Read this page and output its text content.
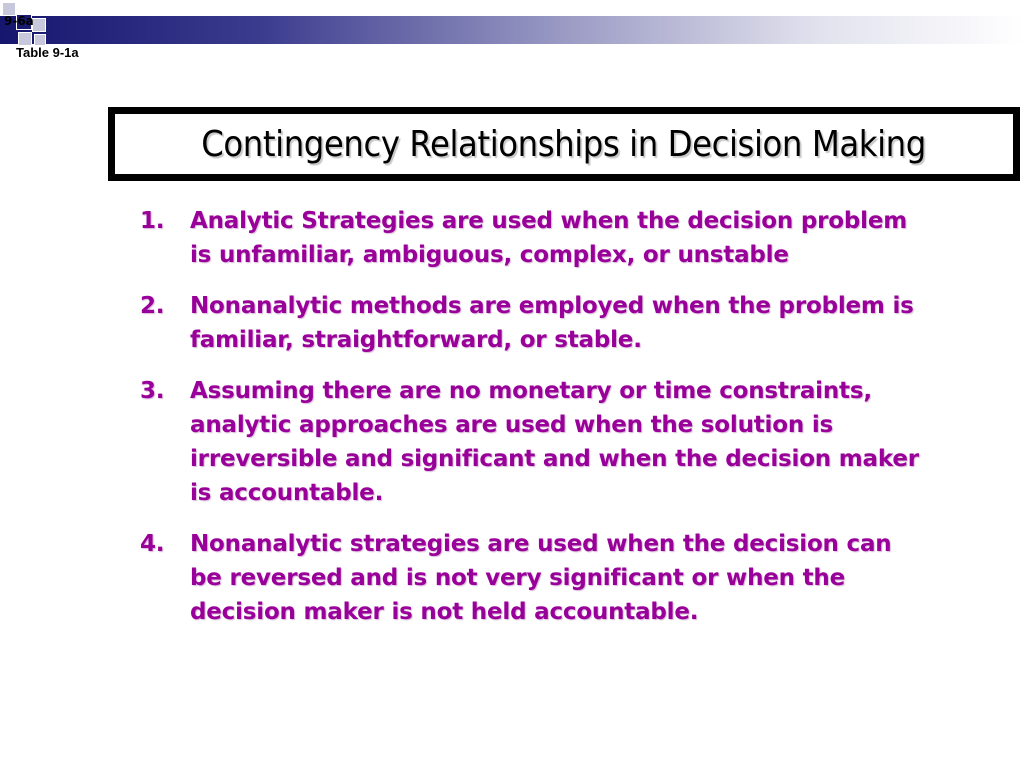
9-6a
Table 9-1a
Contingency Relationships in Decision Making
1.	Analytic Strategies are used when the decision problem is unfamiliar, ambiguous, complex, or unstable
2.	Nonanalytic methods are employed when the problem is familiar, straightforward, or stable.
3.	Assuming there are no monetary or time constraints, analytic approaches are used when the solution is irreversible and significant and when the decision maker is accountable.
4.	Nonanalytic strategies are used when the decision can be reversed and is not very significant or when the decision maker is not held accountable.
